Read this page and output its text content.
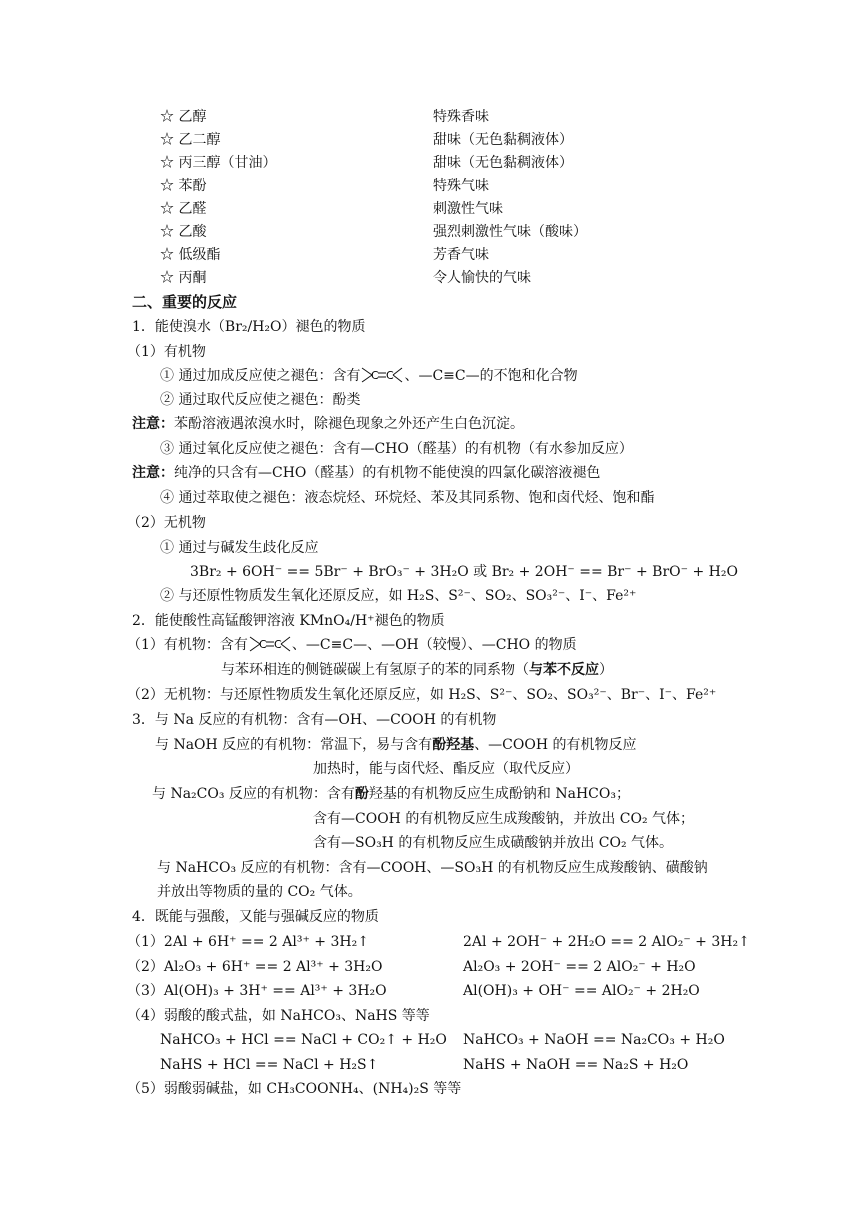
☆ 乙醇	特殊香味
☆ 乙二醇	甜味（无色黏稠液体）
☆ 丙三醇（甘油）	甜味（无色黏稠液体）
☆ 苯酚	特殊气味
☆ 乙醛	刺激性气味
☆ 乙酸	强烈刺激性气味（酸味）
☆ 低级酯	芳香气味
☆ 丙酮	令人愉快的气味
二、重要的反应
1．能使溴水（Br₂/H₂O）褪色的物质
（1）有机物
① 通过加成反应使之褪色：含有 C C 、—C≡C—的不饱和化合物
② 通过取代反应使之褪色：酚类
注意：苯酚溶液遇浓溴水时，除褪色现象之外还产生白色沉淀。
③ 通过氧化反应使之褪色：含有—CHO（醛基）的有机物（有水参加反应）
注意：纯净的只含有—CHO（醛基）的有机物不能使溴的四氯化碳溶液褪色
④ 通过萃取使之褪色：液态烷烃、环烷烃、苯及其同系物、饱和卤代烃、饱和酯
（2）无机物
① 通过与碱发生歧化反应
3Br₂ + 6OH⁻ == 5Br⁻ + BrO₃⁻ + 3H₂O 或 Br₂ + 2OH⁻ == Br⁻ + BrO⁻ + H₂O
② 与还原性物质发生氧化还原反应，如 H₂S、S²⁻、SO₂、SO₃²⁻、I⁻、Fe²⁺
2．能使酸性高锰酸钾溶液 KMnO₄/H⁺褪色的物质
（1）有机物：含有 C C 、—C≡C—、—OH（较慢）、—CHO 的物质
与苯环相连的侧链碳碳上有氢原子的苯的同系物（与苯不反应）
（2）无机物：与还原性物质发生氧化还原反应，如 H₂S、S²⁻、SO₂、SO₃²⁻、Br⁻、I⁻、Fe²⁺
3．与 Na 反应的有机物：含有—OH、—COOH 的有机物
与 NaOH 反应的有机物：常温下，易与含有酚羟基、—COOH 的有机物反应
加热时，能与卤代烃、酯反应（取代反应）
与 Na₂CO₃ 反应的有机物：含有酚羟基的有机物反应生成酚钠和 NaHCO₃；
含有—COOH 的有机物反应生成羧酸钠，并放出 CO₂ 气体；
含有—SO₃H 的有机物反应生成磺酸钠并放出 CO₂ 气体。
与 NaHCO₃ 反应的有机物：含有—COOH、—SO₃H 的有机物反应生成羧酸钠、磺酸钠
并放出等物质的量的 CO₂ 气体。
4．既能与强酸，又能与强碱反应的物质
（1）2Al + 6H⁺ == 2 Al³⁺ + 3H₂↑	2Al + 2OH⁻ + 2H₂O == 2 AlO₂⁻ + 3H₂↑
（2）Al₂O₃ + 6H⁺ == 2 Al³⁺ + 3H₂O	Al₂O₃ + 2OH⁻ == 2 AlO₂⁻ + H₂O
（3）Al(OH)₃ + 3H⁺ == Al³⁺ + 3H₂O	Al(OH)₃ + OH⁻ == AlO₂⁻ + 2H₂O
（4）弱酸的酸式盐，如 NaHCO₃、NaHS 等等
NaHCO₃ + HCl == NaCl + CO₂↑ + H₂O NaHCO₃ + NaOH == Na₂CO₃ + H₂O
NaHS + HCl == NaCl + H₂S↑	NaHS + NaOH == Na₂S + H₂O
（5）弱酸弱碱盐，如 CH₃COONH₄、(NH₄)₂S 等等
